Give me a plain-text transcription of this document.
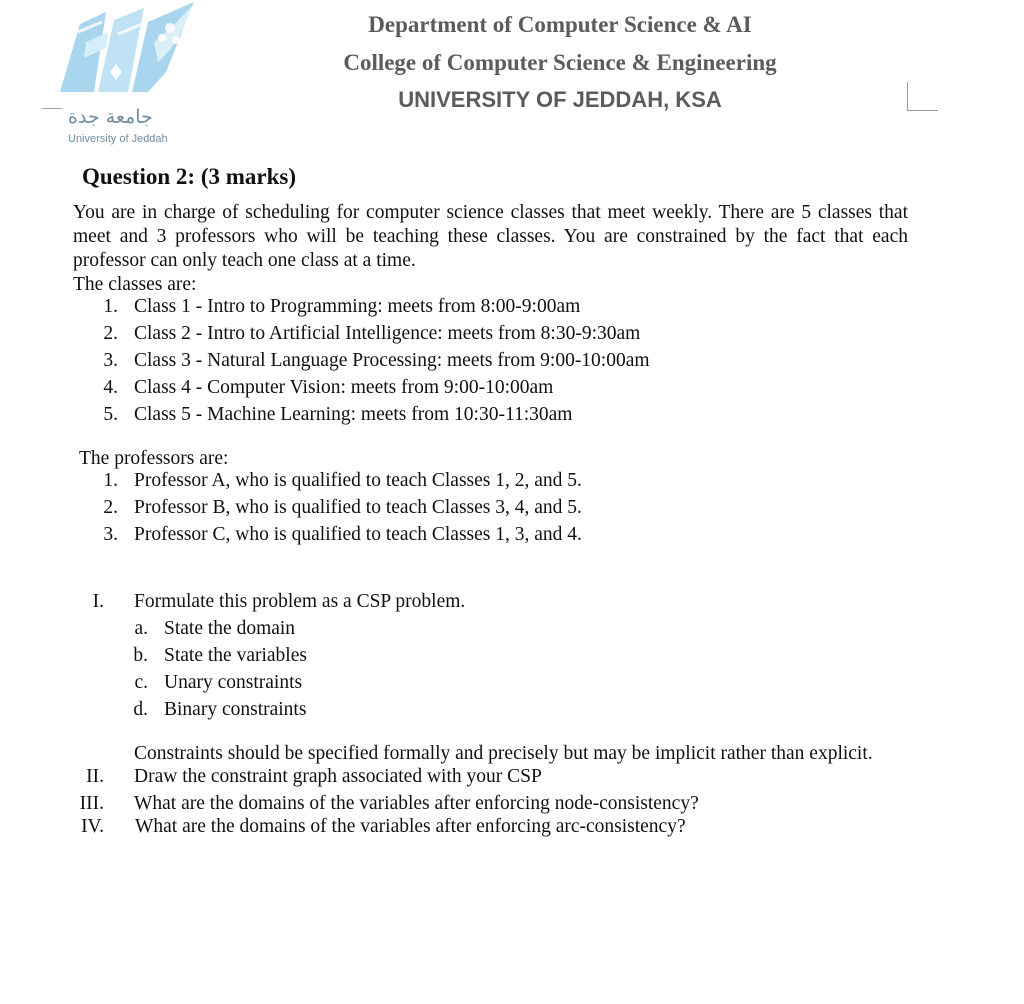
جامعة جدة
University of Jeddah
Department of Computer Science & AI
College of Computer Science & Engineering
UNIVERSITY OF JEDDAH, KSA
Question 2: (3 marks)
You are in charge of scheduling for computer science classes that meet weekly. There are 5 classes that
meet and 3 professors who will be teaching these classes. You are constrained by the fact that each
professor can only teach one class at a time.
The classes are:
1. Class 1 - Intro to Programming: meets from 8:00-9:00am
2. Class 2 - Intro to Artificial Intelligence: meets from 8:30-9:30am
3. Class 3 - Natural Language Processing: meets from 9:00-10:00am
4. Class 4 - Computer Vision: meets from 9:00-10:00am
5. Class 5 - Machine Learning: meets from 10:30-11:30am
The professors are:
1. Professor A, who is qualified to teach Classes 1, 2, and 5.
2. Professor B, who is qualified to teach Classes 3, 4, and 5.
3. Professor C, who is qualified to teach Classes 1, 3, and 4.
I. Formulate this problem as a CSP problem.
a. State the domain
b. State the variables
c. Unary constraints
d. Binary constraints
Constraints should be specified formally and precisely but may be implicit rather than explicit.
II. Draw the constraint graph associated with your CSP
III. What are the domains of the variables after enforcing node-consistency?
IV. What are the domains of the variables after enforcing arc-consistency?
